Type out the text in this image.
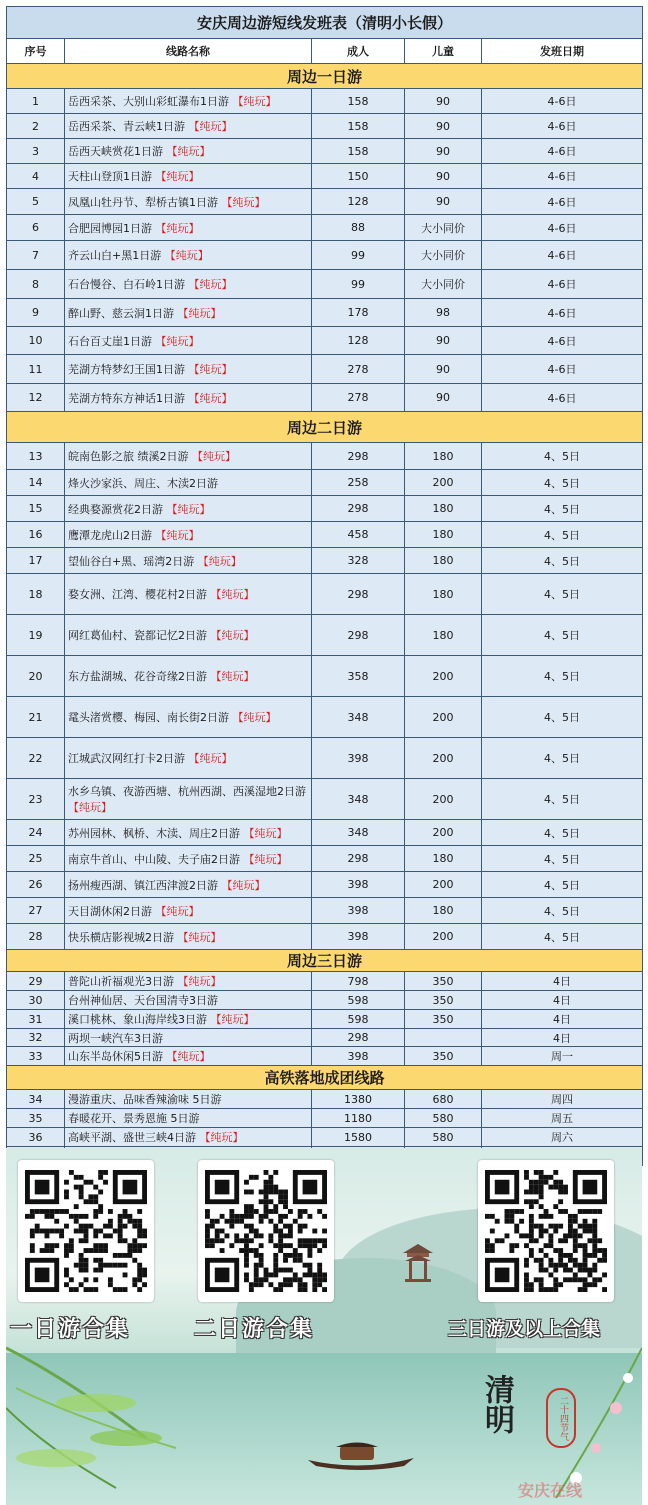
安庆周边游短线发班表（清明小长假）				
序号	线路名称	成人	儿童	发班日期
周边一日游				
1	岳西采茶、大别山彩虹瀑布1日游 【纯玩】	158	90	4-6日
2	岳西采茶、青云峡1日游 【纯玩】	158	90	4-6日
3	岳西天峡赏花1日游 【纯玩】	158	90	4-6日
4	天柱山登顶1日游 【纯玩】	150	90	4-6日
5	凤凰山牡丹节、犁桥古镇1日游 【纯玩】	128	90	4-6日
6	合肥园博园1日游 【纯玩】	88	大小同价	4-6日
7	齐云山白+黑1日游 【纯玩】	99	大小同价	4-6日
8	石台慢谷、白石岭1日游 【纯玩】	99	大小同价	4-6日
9	醉山野、慈云洞1日游 【纯玩】	178	98	4-6日
10	石台百丈崖1日游 【纯玩】	128	90	4-6日
11	芜湖方特梦幻王国1日游 【纯玩】	278	90	4-6日
12	芜湖方特东方神话1日游 【纯玩】	278	90	4-6日
周边二日游				
13	皖南色影之旅 绩溪2日游 【纯玩】	298	180	4、5日
14	烽火沙家浜、周庄、木渎2日游	258	200	4、5日
15	经典婺源赏花2日游 【纯玩】	298	180	4、5日
16	鹰潭龙虎山2日游 【纯玩】	458	180	4、5日
17	望仙谷白+黑、瑶湾2日游 【纯玩】	328	180	4、5日
18	婺女洲、江湾、樱花村2日游 【纯玩】	298	180	4、5日
19	网红葛仙村、瓷都记忆2日游 【纯玩】	298	180	4、5日
20	东方盐湖城、花谷奇缘2日游 【纯玩】	358	200	4、5日
21	鼋头渚赏樱、梅园、南长街2日游 【纯玩】	348	200	4、5日
22	江城武汉网红打卡2日游 【纯玩】	398	200	4、5日
23	水乡乌镇、夜游西塘、杭州西湖、西溪湿地2日游 【纯玩】	348	200	4、5日
24	苏州园林、枫桥、木渎、周庄2日游 【纯玩】	348	200	4、5日
25	南京牛首山、中山陵、夫子庙2日游 【纯玩】	298	180	4、5日
26	扬州瘦西湖、镇江西津渡2日游 【纯玩】	398	200	4、5日
27	天目湖休闲2日游 【纯玩】	398	180	4、5日
28	快乐横店影视城2日游 【纯玩】	398	200	4、5日
周边三日游				
29	普陀山祈福观光3日游 【纯玩】	798	350	4日
30	台州神仙居、天台国清寺3日游	598	350	4日
31	溪口桃林、象山海岸线3日游 【纯玩】	598	350	4日
32	两坝一峡汽车3日游	298		4日
33	山东半岛休闲5日游 【纯玩】	398	350	周一
高铁落地成团线路				
34	漫游重庆、品味香辣渝味 5日游	1380	680	周四
35	春暖花开、景秀恩施 5日游	1180	580	周五
36	高峡平湖、盛世三峡4日游 【纯玩】	1580	580	周六

一日游合集	二日游合集	三日游及以上合集
清明	二十四节气
安庆在线
